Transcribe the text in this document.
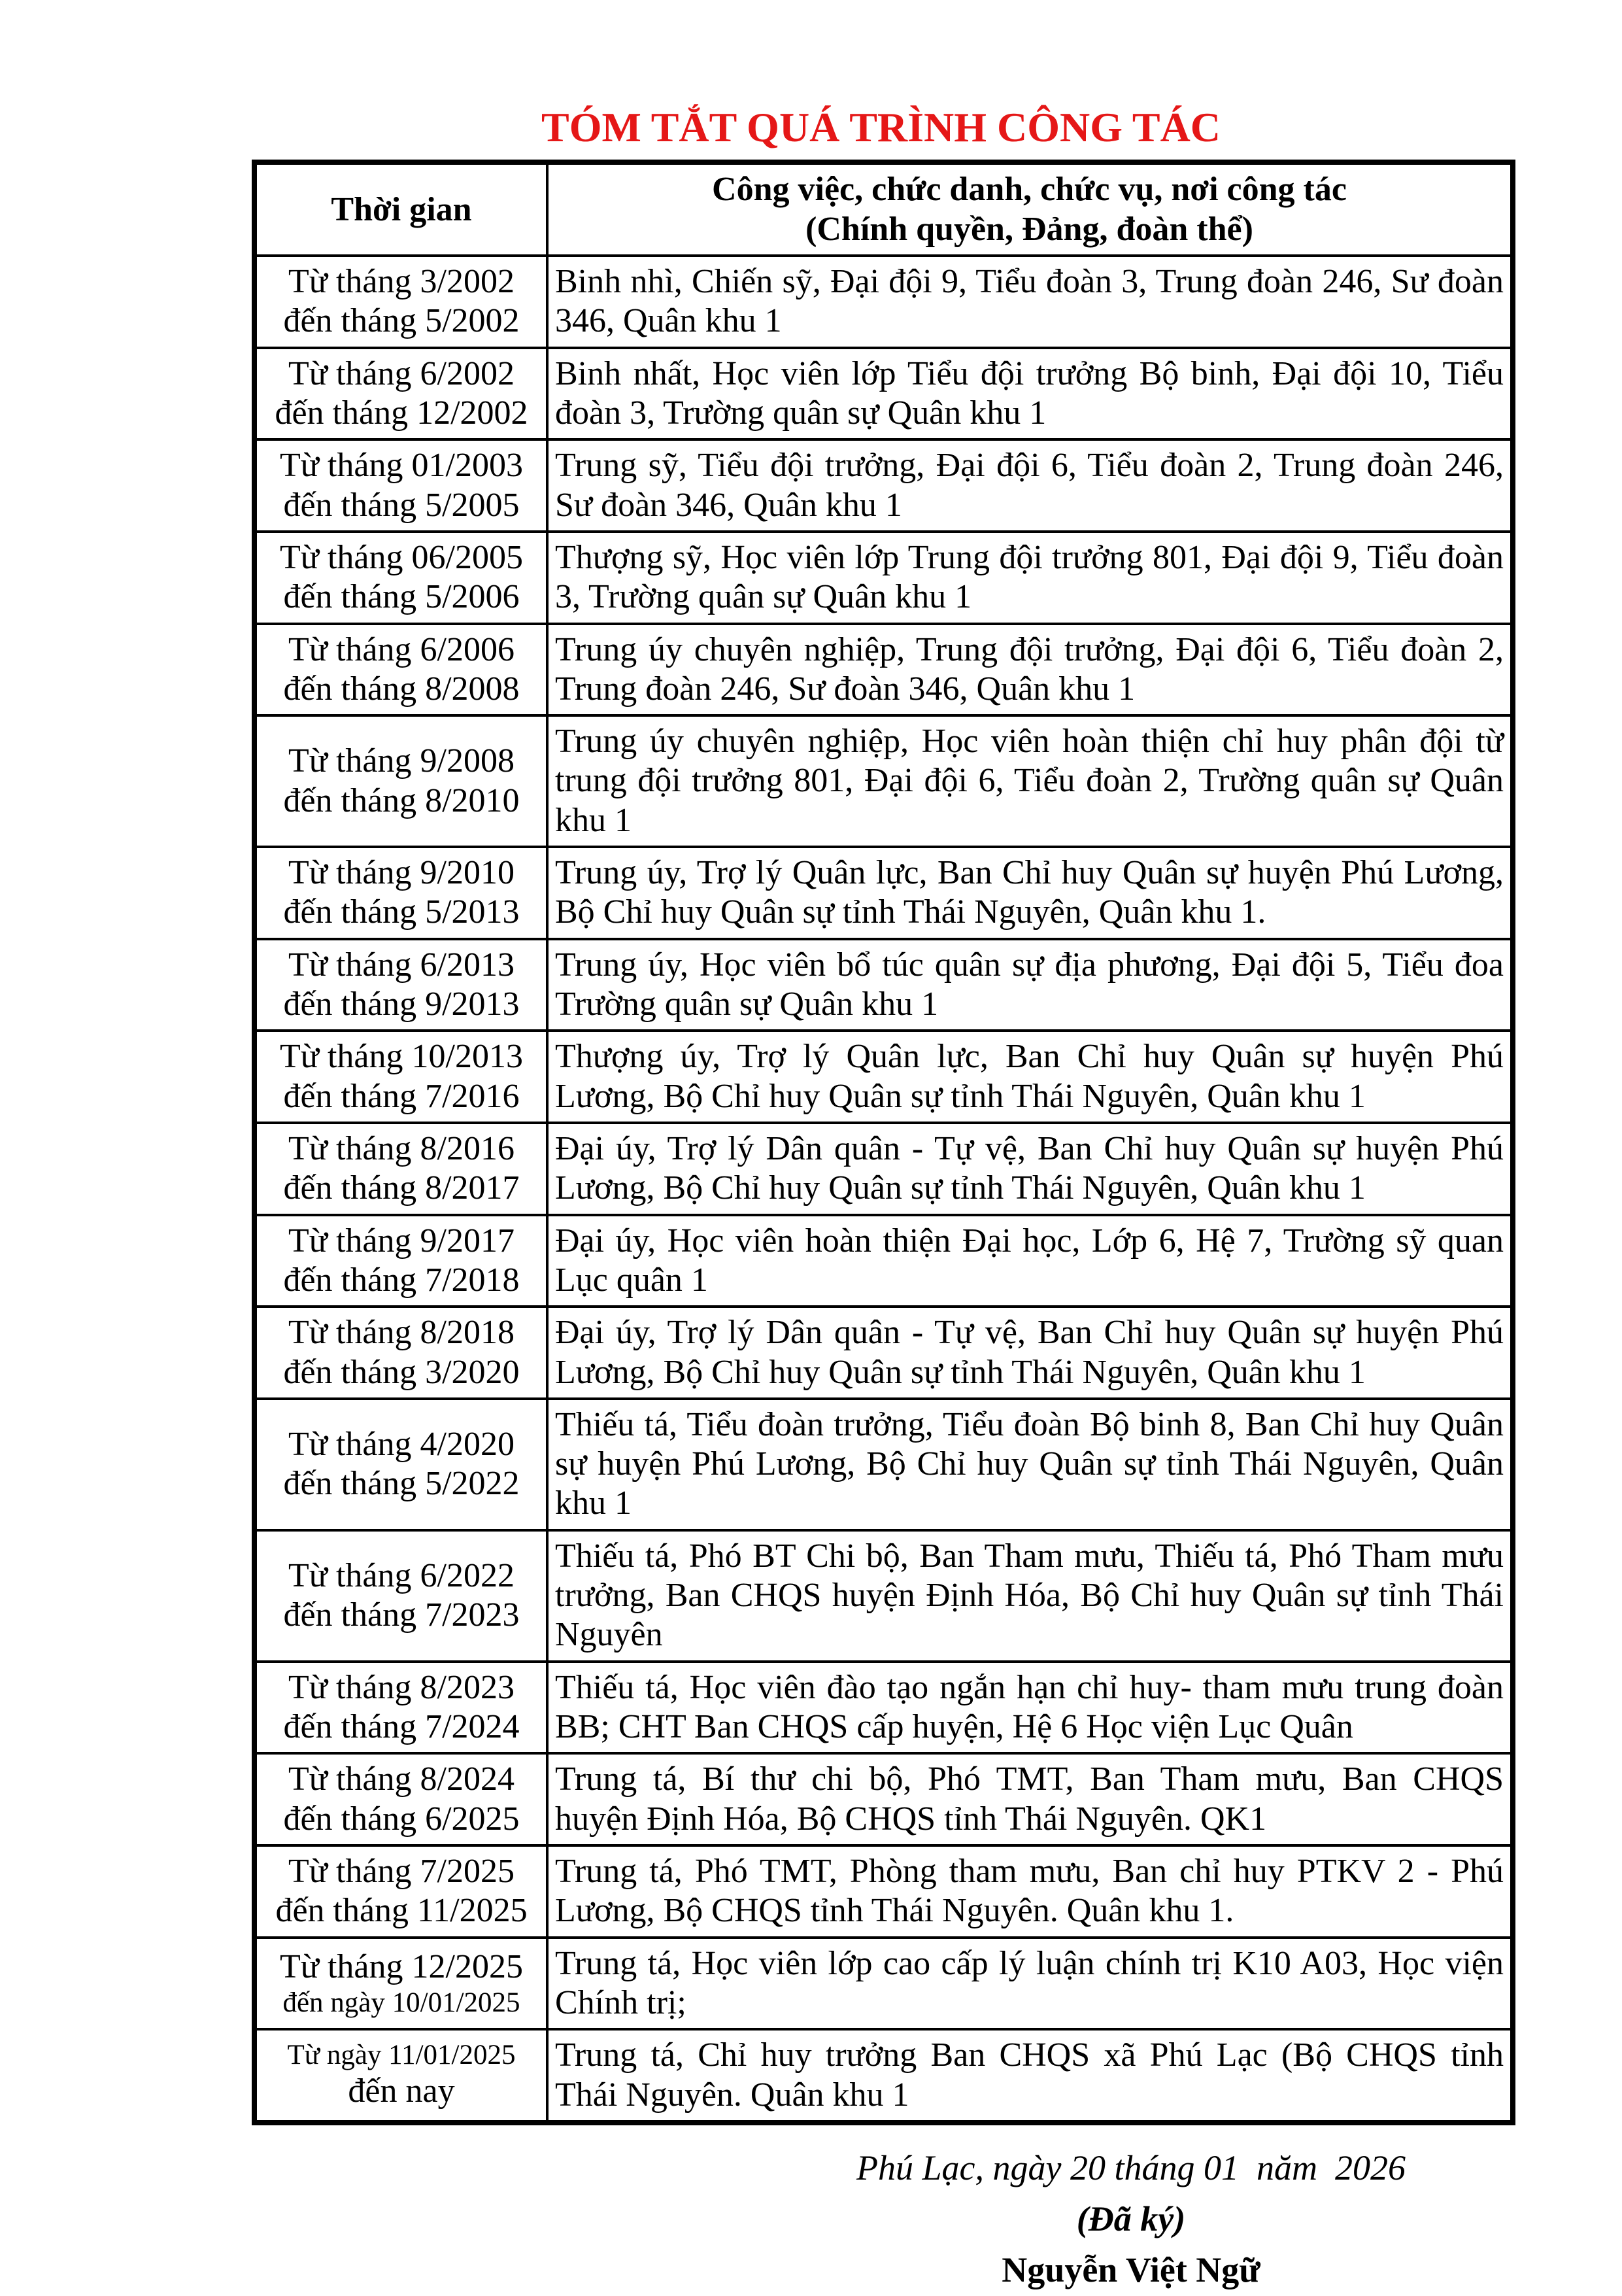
TÓM TẮT QUÁ TRÌNH CÔNG TÁC
Thời gian	Công việc, chức danh, chức vụ, nơi công tác
(Chính quyền, Đảng, đoàn thể)

Từ tháng 3/2002
đến tháng 5/2002	Binh nhì, Chiến sỹ, Đại đội 9, Tiểu đoàn 3, Trung đoàn 246, Sư đoàn 346, Quân khu 1

Từ tháng 6/2002
đến tháng 12/2002	Binh nhất, Học viên lớp Tiểu đội trưởng Bộ binh, Đại đội 10, Tiểu đoàn 3, Trường quân sự Quân khu 1

Từ tháng 01/2003
đến tháng 5/2005	Trung sỹ, Tiểu đội trưởng, Đại đội 6, Tiểu đoàn 2, Trung đoàn 246, Sư đoàn 346, Quân khu 1

Từ tháng 06/2005
đến tháng 5/2006	Thượng sỹ, Học viên lớp Trung đội trưởng 801, Đại đội 9, Tiểu đoàn 3, Trường quân sự Quân khu 1

Từ tháng 6/2006
đến tháng 8/2008	Trung úy chuyên nghiệp, Trung đội trưởng, Đại đội 6, Tiểu đoàn 2, Trung đoàn 246, Sư đoàn 346, Quân khu 1

Từ tháng 9/2008
đến tháng 8/2010	Trung úy chuyên nghiệp, Học viên hoàn thiện chỉ huy phân đội từ trung đội trưởng 801, Đại đội 6, Tiểu đoàn 2, Trường quân sự Quân khu 1

Từ tháng 9/2010
đến tháng 5/2013	Trung úy, Trợ lý Quân lực, Ban Chỉ huy Quân sự huyện Phú Lương, Bộ Chỉ huy Quân sự tỉnh Thái Nguyên, Quân khu 1.

Từ tháng 6/2013
đến tháng 9/2013	Trung úy, Học viên bổ túc quân sự địa phương, Đại đội 5, Tiểu đoa Trường quân sự Quân khu 1

Từ tháng 10/2013
đến tháng 7/2016	Thượng úy, Trợ lý Quân lực, Ban Chỉ huy Quân sự huyện Phú Lương, Bộ Chỉ huy Quân sự tỉnh Thái Nguyên, Quân khu 1

Từ tháng 8/2016
đến tháng 8/2017	Đại úy, Trợ lý Dân quân - Tự vệ, Ban Chỉ huy Quân sự huyện Phú Lương, Bộ Chỉ huy Quân sự tỉnh Thái Nguyên, Quân khu 1

Từ tháng 9/2017
đến tháng 7/2018	Đại úy, Học viên hoàn thiện Đại học, Lớp 6, Hệ 7, Trường sỹ quan Lục quân 1

Từ tháng 8/2018
đến tháng 3/2020	Đại úy, Trợ lý Dân quân - Tự vệ, Ban Chỉ huy Quân sự huyện Phú Lương, Bộ Chỉ huy Quân sự tỉnh Thái Nguyên, Quân khu 1

Từ tháng 4/2020
đến tháng 5/2022	Thiếu tá, Tiểu đoàn trưởng, Tiểu đoàn Bộ binh 8, Ban Chỉ huy Quân sự huyện Phú Lương, Bộ Chỉ huy Quân sự tỉnh Thái Nguyên, Quân khu 1

Từ tháng 6/2022
đến tháng 7/2023	Thiếu tá, Phó BT Chi bộ, Ban Tham mưu, Thiếu tá, Phó Tham mưu trưởng, Ban CHQS huyện Định Hóa, Bộ Chỉ huy Quân sự tỉnh Thái Nguyên

Từ tháng 8/2023
đến tháng 7/2024	Thiếu tá, Học viên đào tạo ngắn hạn chỉ huy- tham mưu trung đoàn BB; CHT Ban CHQS cấp huyện, Hệ 6 Học viện Lục Quân

Từ tháng 8/2024
đến tháng 6/2025	Trung tá, Bí thư chi bộ, Phó TMT, Ban Tham mưu, Ban CHQS huyện Định Hóa, Bộ CHQS tỉnh Thái Nguyên. QK1

Từ tháng 7/2025
đến tháng 11/2025	Trung tá, Phó TMT, Phòng tham mưu, Ban chỉ huy PTKV 2 - Phú Lương, Bộ CHQS tỉnh Thái Nguyên. Quân khu 1.

Từ tháng 12/2025
đến ngày 10/01/2025	Trung tá, Học viên lớp cao cấp lý luận chính trị K10 A03, Học viện Chính trị;

Từ ngày 11/01/2025
đến nay	Trung tá, Chỉ huy trưởng Ban CHQS xã Phú Lạc (Bộ CHQS tỉnh Thái Nguyên. Quân khu 1
Phú Lạc, ngày 20 tháng 01  năm  2026
(Đã ký)
Nguyễn Việt Ngữ
